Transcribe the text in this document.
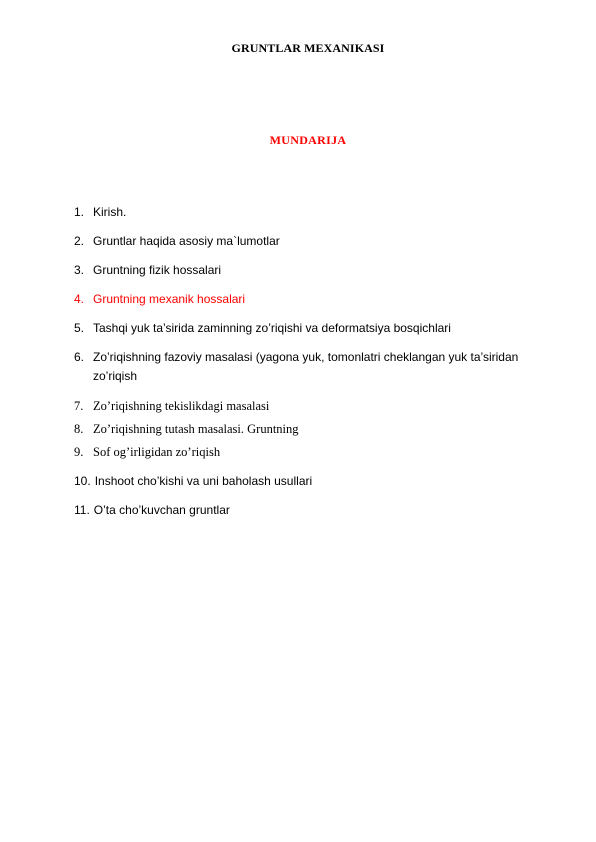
GRUNTLAR MEXANIKASI
MUNDARIJA
1. Kirish.
2. Gruntlar haqida asosiy ma`lumotlar
3. Gruntning fizik hossalari
4. Gruntning mexanik hossalari
5. Tashqi yuk ta’sirida zaminning zo’riqishi va deformatsiya bosqichlari
6. Zo’riqishning fazoviy masalasi (yagona yuk, tomonlatri cheklangan yuk ta’siridan
zo’riqish
7. Zo’riqishning tekislikdagi masalasi
8. Zo’riqishning tutash masalasi. Gruntning
9. Sof og’irligidan zo’riqish
10. Inshoot cho’kishi va uni baholash usullari
11. O’ta cho’kuvchan gruntlar
